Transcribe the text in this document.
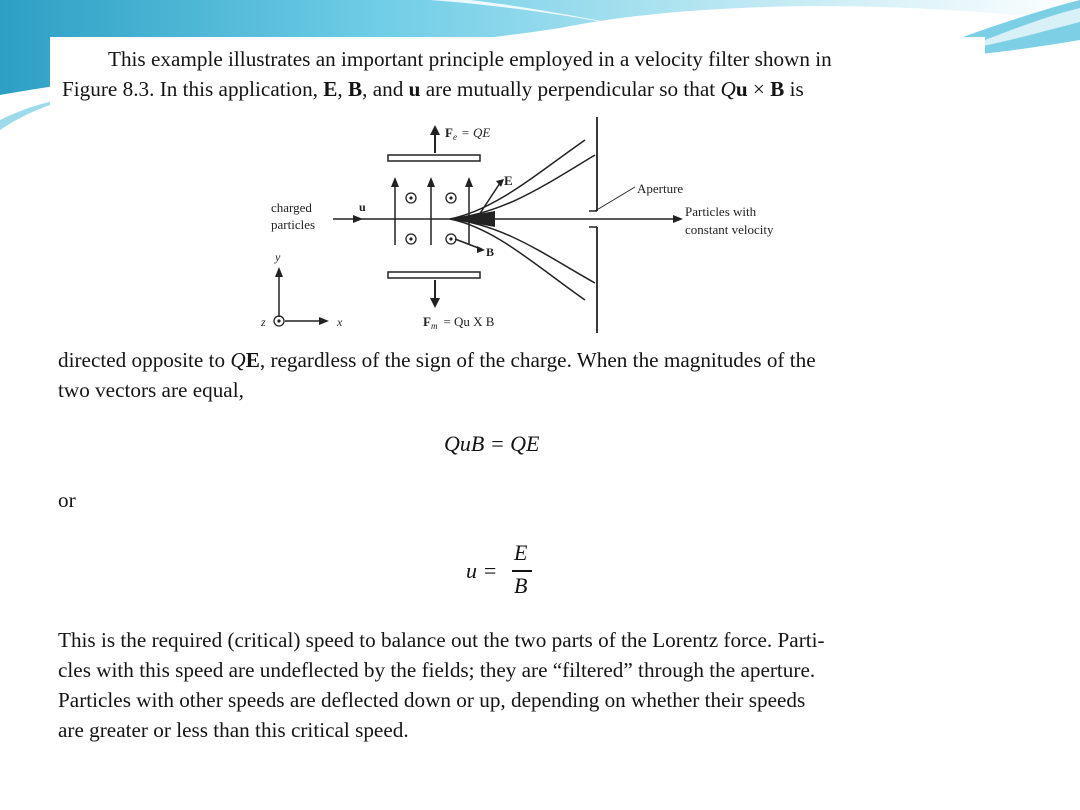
This example illustrates an important principle employed in a velocity filter shown in
Figure 8.3. In this application, E, B, and u are mutually perpendicular so that Qu × B is
$F_e$ = QE
$F_m = Qu$ X B
E
B
u
charged
particles
Aperture
Particles with
constant velocity
y
z	x
directed opposite to QE, regardless of the sign of the charge. When the magnitudes of the
two vectors are equal,
QuB = QE
or
u =
E
B
This is the required (critical) speed to balance out the two parts of the Lorentz force. Parti-
cles with this speed are undeflected by the fields; they are “filtered” through the aperture.
Particles with other speeds are deflected down or up, depending on whether their speeds
are greater or less than this critical speed.
